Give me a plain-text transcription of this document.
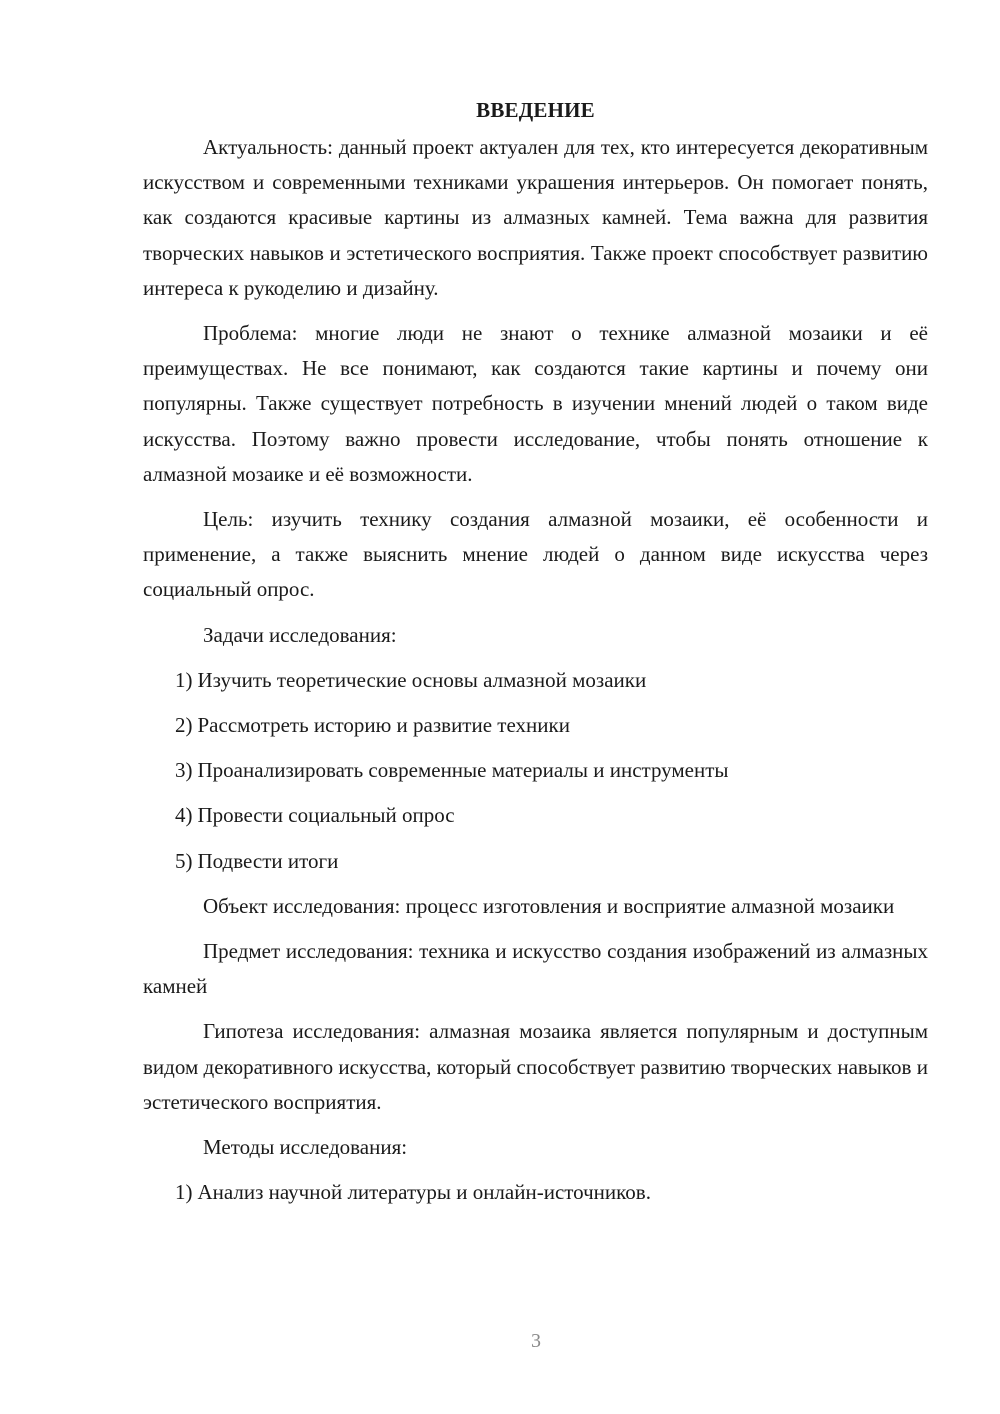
ВВЕДЕНИЕ

Актуальность: данный проект актуален для тех, кто интересуется декоративным искусством и современными техниками украшения интерьеров. Он помогает понять, как создаются красивые картины из алмазных камней. Тема важна для развития творческих навыков и эстетического восприятия. Также проект способствует развитию интереса к рукоделию и дизайну.

Проблема: многие люди не знают о технике алмазной мозаики и её преимуществах. Не все понимают, как создаются такие картины и почему они популярны. Также существует потребность в изучении мнений людей о таком виде искусства. Поэтому важно провести исследование, чтобы понять отношение к алмазной мозаике и её возможности.

Цель: изучить технику создания алмазной мозаики, её особенности и применение, а также выяснить мнение людей о данном виде искусства через социальный опрос.

Задачи исследования:

1) Изучить теоретические основы алмазной мозаики
2) Рассмотреть историю и развитие техники
3) Проанализировать современные материалы и инструменты
4) Провести социальный опрос
5) Подвести итоги

Объект исследования: процесс изготовления и восприятие алмазной мозаики

Предмет исследования: техника и искусство создания изображений из алмазных камней

Гипотеза исследования: алмазная мозаика является популярным и доступным видом декоративного искусства, который способствует развитию творческих навыков и эстетического восприятия.

Методы исследования:

1) Анализ научной литературы и онлайн-источников.
3
